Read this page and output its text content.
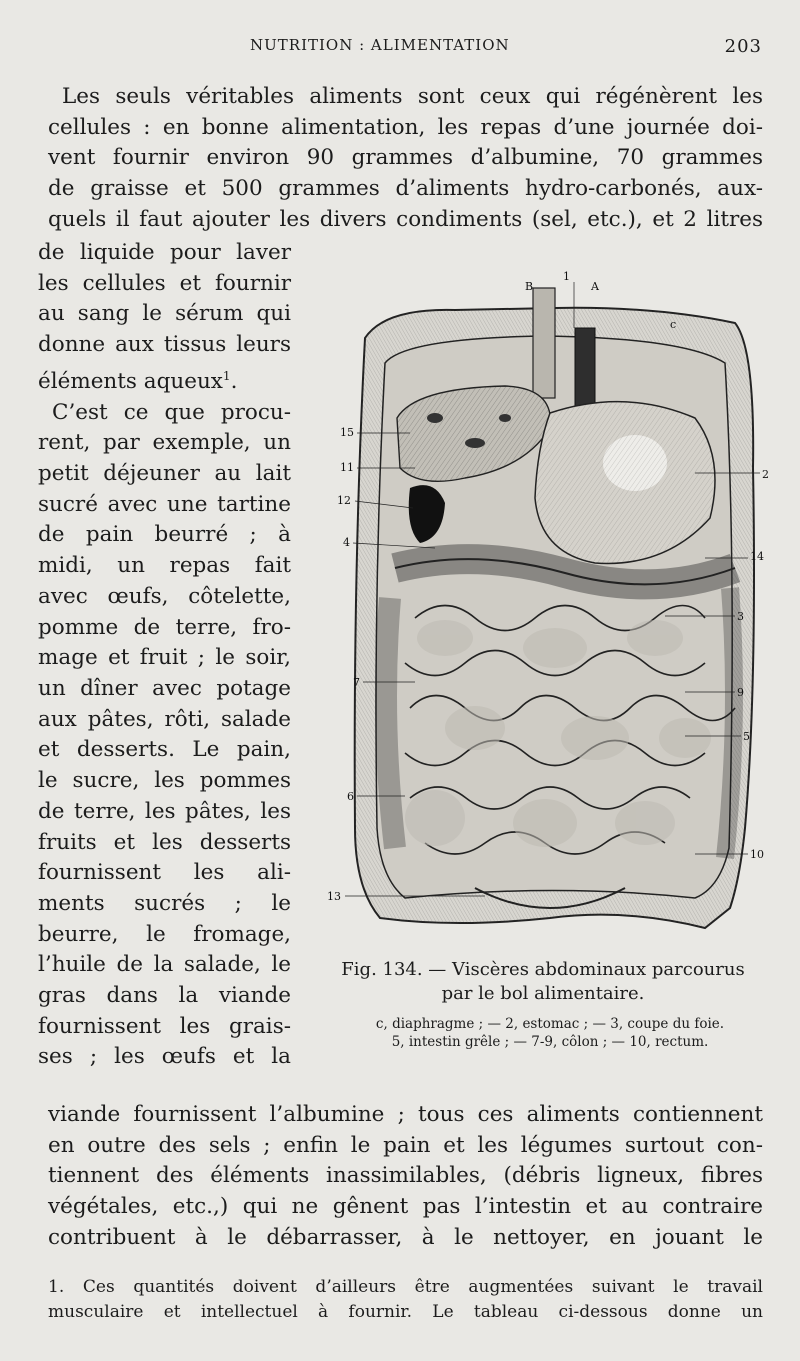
NUTRITION : ALIMENTATION	203

Les seuls véritables aliments sont ceux qui régénèrent les

cellules : en bonne alimentation, les repas d’une journée doi-

vent fournir environ 90 grammes d’albumine, 70 grammes

de graisse et 500 grammes d’aliments hydro-carbonés, aux-

quels il faut ajouter les divers condiments (sel, etc.), et 2 litres

de liquide pour laver
les cellules et fournir
au sang le sérum qui
donne aux tissus leurs
éléments aqueux$^1$.
C’est ce que procu-
rent, par exemple, un
petit déjeuner au lait
sucré avec une tartine
de pain beurré ; à
midi, un repas fait
avec œufs, côtelette,
pomme de terre, fro-
mage et fruit ; le soir,
un dîner avec potage
aux pâtes, rôti, salade
et desserts. Le pain,
le sucre, les pommes
de terre, les pâtes, les
fruits et les desserts
fournissent les ali-
ments sucrés ; le
beurre, le fromage,
l’huile de la salade, le
gras dans la viande
fournissent les grais-
ses ; les œufs et la
B
1
A
c
15
11
12
4
2
14
3
7
9
5
6
10
13
Fig. 134. — Viscères abdominaux parcourus
par le bol alimentaire.
c, diaphragme ; — 2, estomac ; — 3, coupe du foie.
5, intestin grêle ; — 7-9, côlon ; — 10, rectum.

viande fournissent l’albumine ; tous ces aliments contiennent

en outre des sels ; enfin le pain et les légumes surtout con-

tiennent des éléments inassimilables, (débris ligneux, fibres

végétales, etc.,) qui ne gênent pas l’intestin et au contraire

contribuent à le débarrasser, à le nettoyer, en jouant le

1. Ces quantités doivent d’ailleurs être augmentées suivant le travail
musculaire et intellectuel à fournir. Le tableau ci-dessous donne un
